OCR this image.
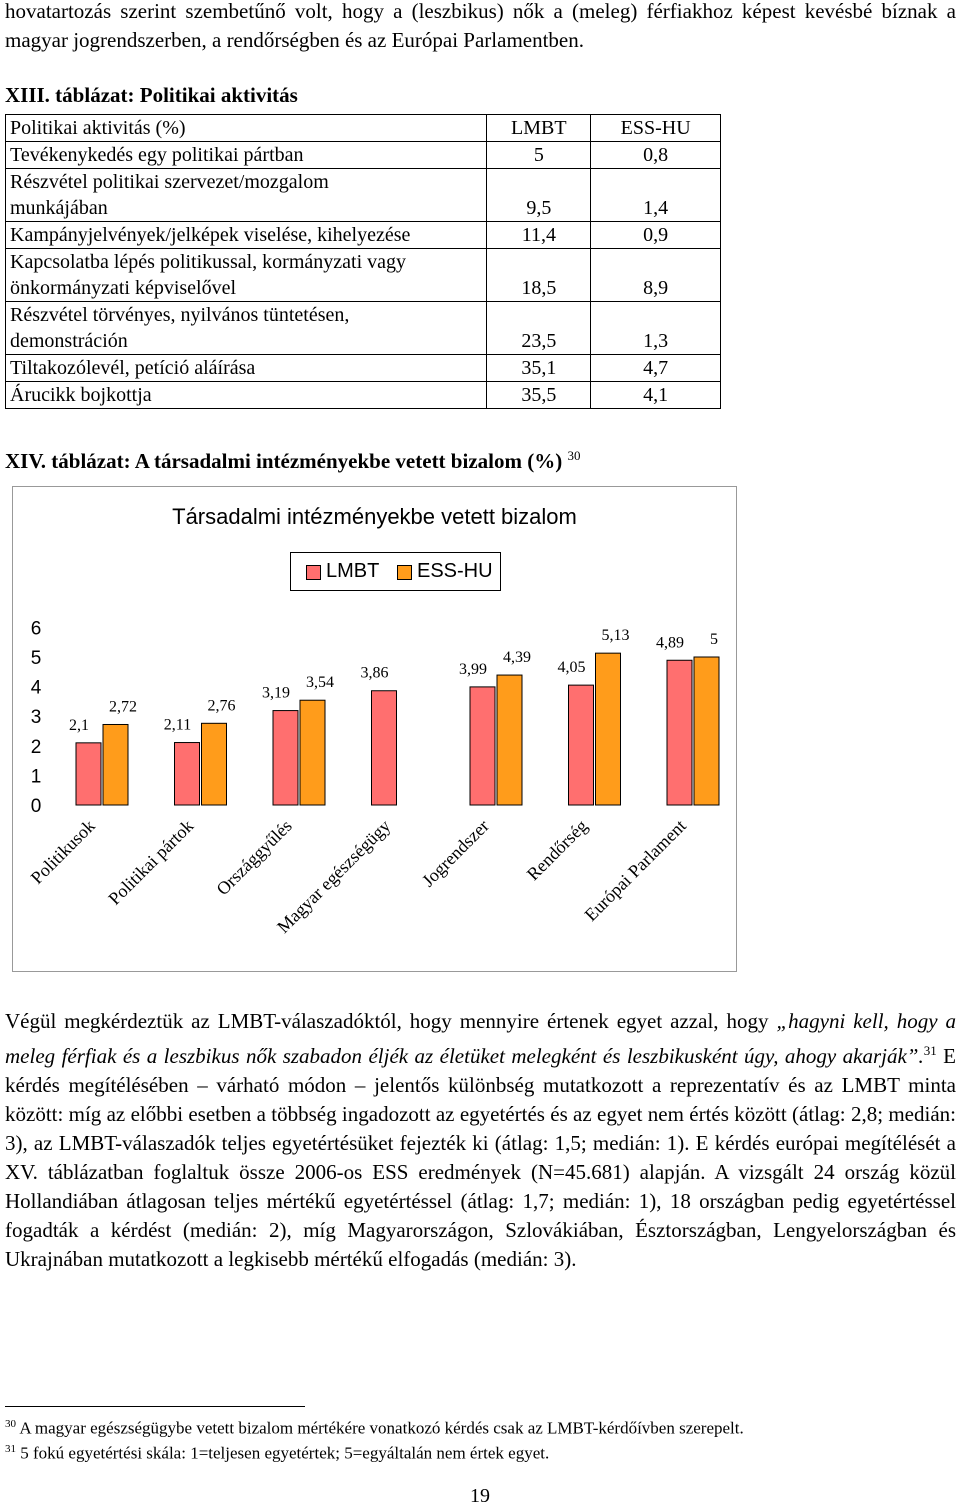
hovatartozás szerint szembetűnő volt, hogy a (leszbikus) nők a (meleg) férfiakhoz képest kevésbé bíznak a magyar jogrendszerben, a rendőrségben és az Európai Parlamentben.
XIII. táblázat: Politikai aktivitás
Politikai aktivitás (%)	LMBT	ESS-HU
Tevékenykedés egy politikai pártban	5	0,8
Részvétel politikai szervezet/mozgalom munkájában	9,5	1,4
Kampányjelvények/jelképek viselése, kihelyezése	11,4	0,9
Kapcsolatba lépés politikussal, kormányzati vagy önkormányzati képviselővel	18,5	8,9
Részvétel törvényes, nyilvános tüntetésen, demonstráción	23,5	1,3
Tiltakozólevél, petíció aláírása	35,1	4,7
Árucikk bojkottja	35,5	4,1
XIV. táblázat: A társadalmi intézményekbe vetett bizalom (%) $^{30}$
Társadalmi intézményekbe vetett bizalom
LMBT ESS-HU
0
1
2
3
4
5
6
2,1
2,72
Politikusok
2,11
2,76
Politikai pártok
3,19
3,54
Országgyűlés
3,86
Magyar egészségügy
3,99
4,39
Jogrendszer
4,05
5,13
Rendőrség
4,89 5
Európai Parlament
Végül megkérdeztük az LMBT-válaszadóktól, hogy mennyire értenek egyet azzal, hogy „hagyni kell, hogy a meleg férfiak és a leszbikus nők szabadon éljék az életüket melegként és leszbikusként úgy, ahogy akarják”.$^{31}$ E kérdés megítélésében – várható módon – jelentős különbség mutatkozott a reprezentatív és az LMBT minta között: míg az előbbi esetben a többség ingadozott az egyetértés és az egyet nem értés között (átlag: 2,8; medián: 3), az LMBT-válaszadók teljes egyetértésüket fejezték ki (átlag: 1,5; medián: 1). E kérdés európai megítélését a XV. táblázatban foglaltuk össze 2006-os ESS eredmények (N=45.681) alapján. A vizsgált 24 ország közül Hollandiában átlagosan teljes mértékű egyetértéssel (átlag: 1,7; medián: 1), 18 országban pedig egyetértéssel fogadták a kérdést (medián: 2), míg Magyarországon, Szlovákiában, Észtországban, Lengyelországban és Ukrajnában mutatkozott a legkisebb mértékű elfogadás (medián: 3).
$^{30}$ A magyar egészségügybe vetett bizalom mértékére vonatkozó kérdés csak az LMBT-kérdőívben szerepelt.
$^{31}$ 5 fokú egyetértési skála: 1=teljesen egyetértek; 5=egyáltalán nem értek egyet.
19
